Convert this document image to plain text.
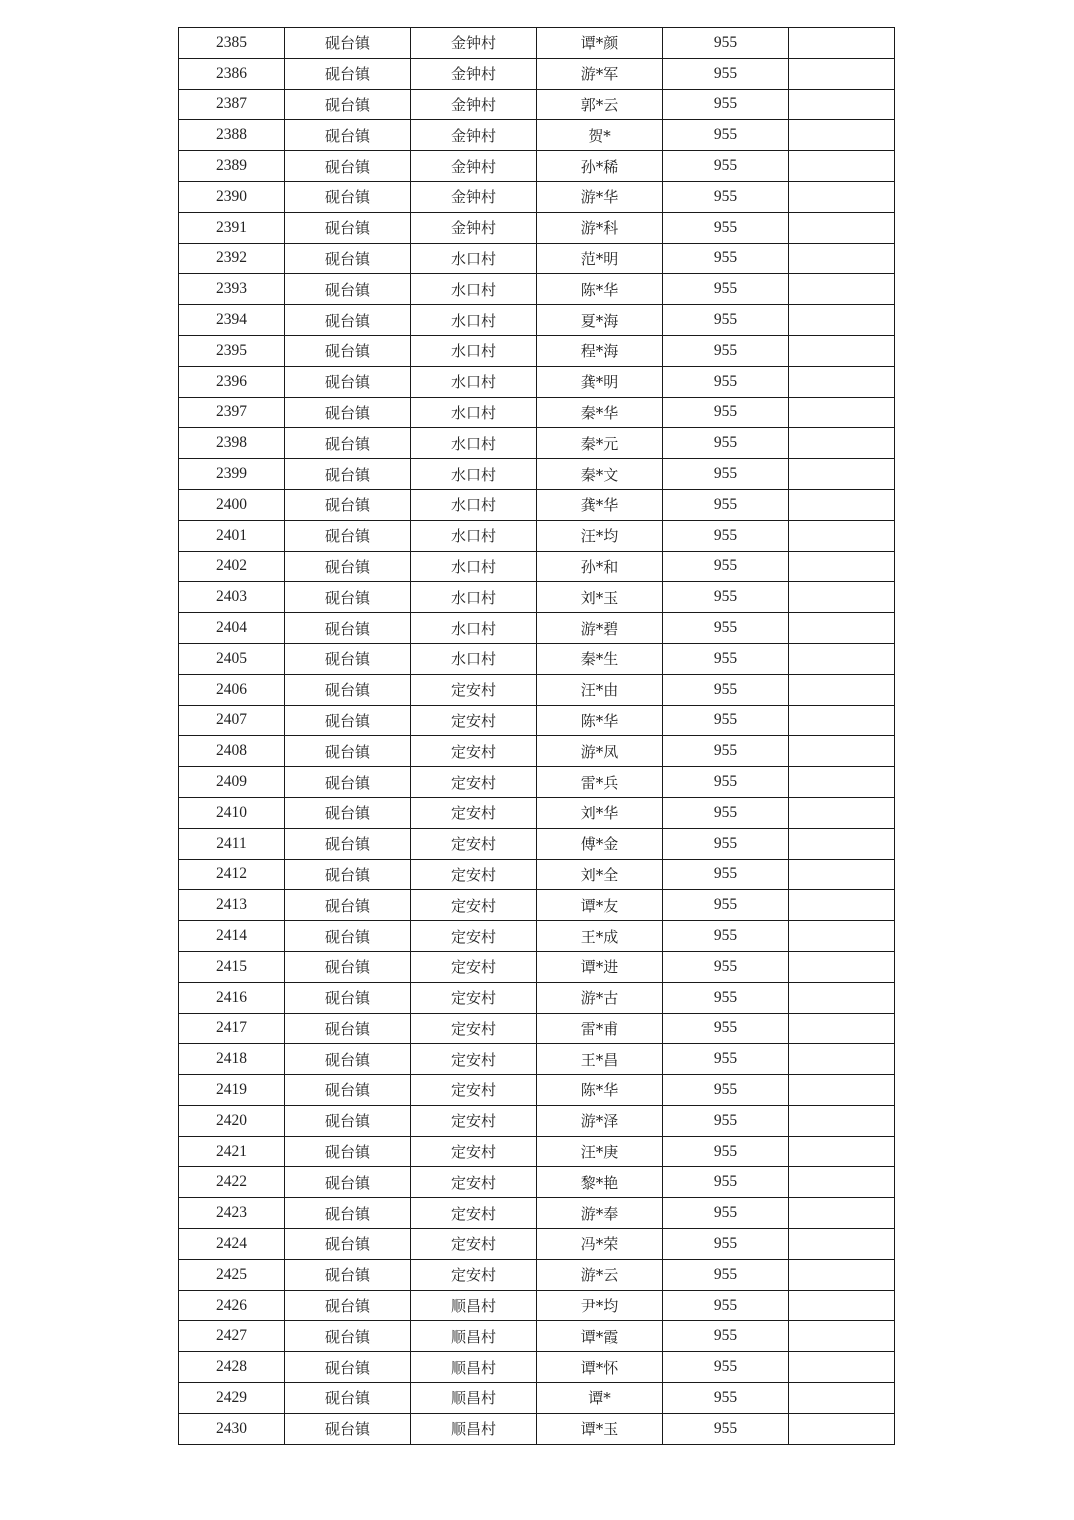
2385	砚台镇	金钟村	谭*颜	955	
2386	砚台镇	金钟村	游*军	955	
2387	砚台镇	金钟村	郭*云	955	
2388	砚台镇	金钟村	贺*	955	
2389	砚台镇	金钟村	孙*稀	955	
2390	砚台镇	金钟村	游*华	955	
2391	砚台镇	金钟村	游*科	955	
2392	砚台镇	水口村	范*明	955	
2393	砚台镇	水口村	陈*华	955	
2394	砚台镇	水口村	夏*海	955	
2395	砚台镇	水口村	程*海	955	
2396	砚台镇	水口村	龚*明	955	
2397	砚台镇	水口村	秦*华	955	
2398	砚台镇	水口村	秦*元	955	
2399	砚台镇	水口村	秦*文	955	
2400	砚台镇	水口村	龚*华	955	
2401	砚台镇	水口村	汪*均	955	
2402	砚台镇	水口村	孙*和	955	
2403	砚台镇	水口村	刘*玉	955	
2404	砚台镇	水口村	游*碧	955	
2405	砚台镇	水口村	秦*生	955	
2406	砚台镇	定安村	汪*由	955	
2407	砚台镇	定安村	陈*华	955	
2408	砚台镇	定安村	游*凤	955	
2409	砚台镇	定安村	雷*兵	955	
2410	砚台镇	定安村	刘*华	955	
2411	砚台镇	定安村	傅*金	955	
2412	砚台镇	定安村	刘*全	955	
2413	砚台镇	定安村	谭*友	955	
2414	砚台镇	定安村	王*成	955	
2415	砚台镇	定安村	谭*进	955	
2416	砚台镇	定安村	游*古	955	
2417	砚台镇	定安村	雷*甫	955	
2418	砚台镇	定安村	王*昌	955	
2419	砚台镇	定安村	陈*华	955	
2420	砚台镇	定安村	游*泽	955	
2421	砚台镇	定安村	汪*庚	955	
2422	砚台镇	定安村	黎*艳	955	
2423	砚台镇	定安村	游*奉	955	
2424	砚台镇	定安村	冯*荣	955	
2425	砚台镇	定安村	游*云	955	
2426	砚台镇	顺昌村	尹*均	955	
2427	砚台镇	顺昌村	谭*霞	955	
2428	砚台镇	顺昌村	谭*怀	955	
2429	砚台镇	顺昌村	谭*	955	
2430	砚台镇	顺昌村	谭*玉	955	
